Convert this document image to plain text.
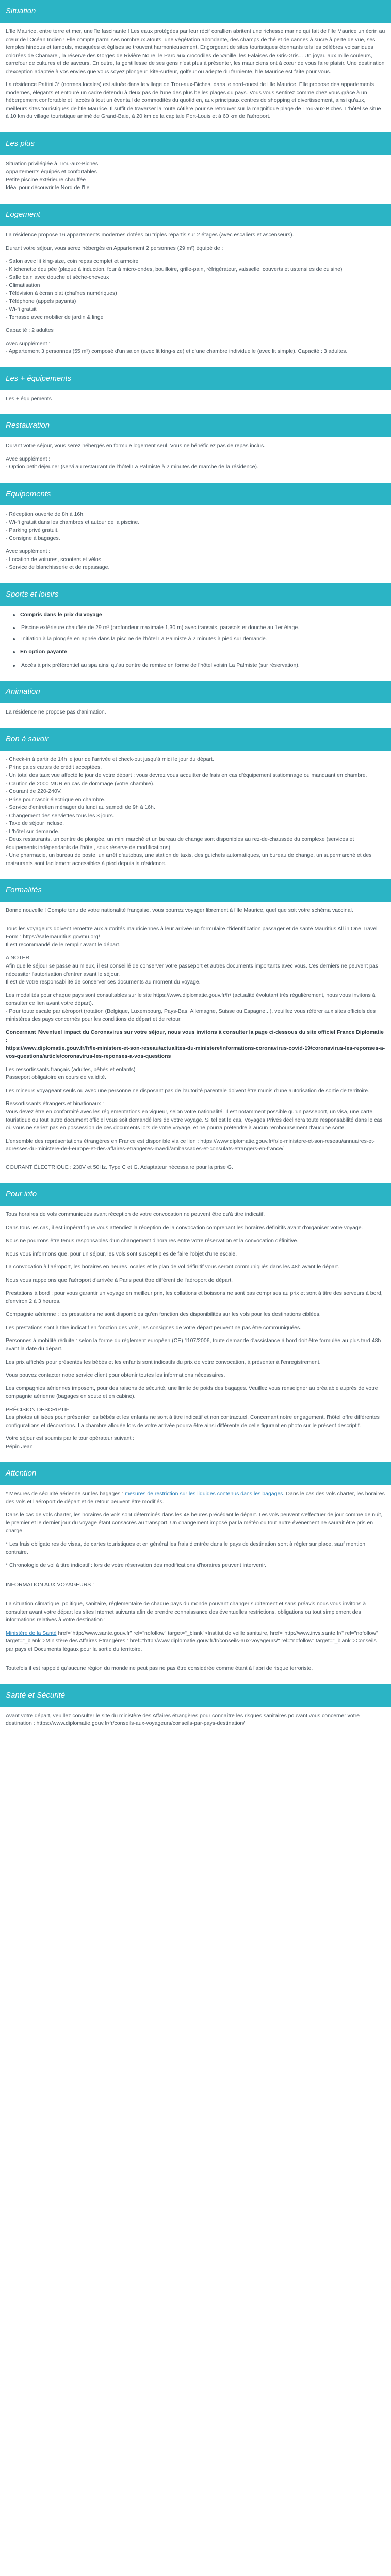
Situation

L'Ile Maurice, entre terre et mer, une île fascinante ! Les eaux protégées par leur récif corallien abritent une richesse marine qui fait de l'Ile Maurice un écrin au cœur de l'Océan Indien ! Elle compte parmi ses nombreux atouts, une végétation abondante, des champs de thé et de cannes à sucre à perte de vue, ses temples hindous et tamouls, mosquées et églises se trouvent harmonieusement. Engorgeant de sites touristiques étonnants tels les célèbres volcaniques colorées de Chamarel, la réserve des Gorges de Rivière Noire, le Parc aux crocodiles de Vanille, les Falaises de Gris-Gris... Un joyau aux mille couleurs, carrefour de cultures et de saveurs. En outre, la gentillesse de ses gens n'est plus à présenter, les mauriciens ont à cœur de vous faire plaisir. Une destination d'exception adaptée à vos envies que vous soyez plongeur, kite-surfeur, golfeur ou adepte du farniente, l'Ile Maurice est faite pour vous.

La résidence Pattini 3* (normes locales) est située dans le village de Trou-aux-Biches, dans le nord-ouest de l'Ile Maurice. Elle propose des appartements modernes, élégants et entouré un cadre détendu à deux pas de l'une des plus belles plages du pays. Vous vous sentirez comme chez vous grâce à un hébergement confortable et l'accès à tout un éventail de commodités du quotidien, aux principaux centres de shopping et divertissement, ainsi qu'aux, meilleurs sites touristiques de l'Ile Maurice. Il suffit de traverser la route côtière pour se retrouver sur la magnifique plage de Trou-aux-Biches. L'hôtel se situe à 10 km du village touristique animé de Grand-Baie, à 20 km de la capitale Port-Louis et à 60 km de l'aéroport.

Les plus
Situation privilégiée à Trou-aux-Biches
Appartements équipés et confortables
Petite piscine extérieure chauffée
Idéal pour découvrir le Nord de l'Ile
Logement

La résidence propose 16 appartements modernes dotées ou triples répartis sur 2 étages (avec escaliers et ascenseurs).

Durant votre séjour, vous serez hébergés en Appartement 2 personnes (29 m²) équipé de :

- Salon avec lit king-size, coin repas complet et armoire
- Kitchenette équipée (plaque à induction, four à micro-ondes, bouilloire, grille-pain, réfrigérateur, vaisselle, couverts et ustensiles de cuisine)
- Salle bain avec douche et sèche-cheveux
- Climatisation
- Télévision à écran plat (chaînes numériques)
- Téléphone (appels payants)
- Wi-fi gratuit
- Terrasse avec mobilier de jardin & linge

Capacité : 2 adultes

Avec supplément :
- Appartement 3 personnes (55 m²) composé d'un salon (avec lit king-size) et d'une chambre individuelle (avec lit simple). Capacité : 3 adultes.
Les + équipements
Les + équipements
Restauration

Durant votre séjour, vous serez hébergés en formule logement seul. Vous ne bénéficiez pas de repas inclus.

Avec supplément :
- Option petit déjeuner (servi au restaurant de l'hôtel La Palmiste à 2 minutes de marche de la résidence).
Equipements
- Réception ouverte de 8h à 16h.
- Wi-fi gratuit dans les chambres et autour de la piscine.
- Parking privé gratuit.
- Consigne à bagages.
Avec supplément :
- Location de voitures, scooters et vélos.
- Service de blanchisserie et de repassage.
Sports et loisirs
Compris dans le prix du voyage
Piscine extérieure chauffée de 29 m² (profondeur maximale 1,30 m) avec transats, parasols et douche au 1er étage.
Initiation à la plongée en apnée dans la piscine de l'hôtel La Palmiste à 2 minutes à pied sur demande.
En option payante
Accès à prix préférentiel au spa ainsi qu'au centre de remise en forme de l'hôtel voisin La Palmiste (sur réservation).
Animation

La résidence ne propose pas d'animation.

Bon à savoir
- Check-in à partir de 14h le jour de l'arrivée et check-out jusqu'à midi le jour du départ.
- Principales cartes de crédit acceptées.
- Un total des taux vue affecté le jour de votre départ : vous devrez vous acquitter de frais en cas d'équipement statiomnage ou manquant en chambre.
- Caution de 2000 MUR en cas de dommage (votre chambre).
- Courant de 220-240V.
- Prise pour rasoir électrique en chambre.
- Service d'entretien ménager du lundi au samedi de 9h à 16h.
- Changement des serviettes tous les 3 jours.
- Taxe de séjour incluse.
- L'hôtel sur demande.
- Deux restaurants, un centre de plongée, un mini marché et un bureau de change sont disponibles au rez-de-chaussée du complexe (services et équipements indépendants de l'hôtel, sous réserve de modifications).
- Une pharmacie, un bureau de poste, un arrêt d'autobus, une station de taxis, des guichets automatiques, un bureau de change, un supermarché et des restaurants sont facilement accessibles à pied depuis la résidence.
Formalités

Bonne nouvelle ! Compte tenu de votre nationalité française, vous pourrez voyager librement à l'Ile Maurice, quel que soit votre schéma vaccinal.

Tous les voyageurs doivent remettre aux autorités mauriciennes à leur arrivée un formulaire d'identification passager et de santé Mauritius All in One Travel Form : https://safemauritius.govmu.org/

Il est recommandé de le remplir avant le départ.

A NOTER
Afin que le séjour se passe au mieux, il est conseillé de conserver votre passeport et autres documents importants avec vous. Ces derniers ne peuvent pas nécessiter l'autorisation d'entrer avant le séjour.

Il est de votre responsabilité de conserver ces documents au moment du voyage.

Les modalités pour chaque pays sont consultables sur le site https://www.diplomatie.gouv.fr/fr/ (actualité évolutant très régulièrement, nous vous invitons à consulter ce lien avant votre départ).

- Pour toute escale par aéroport (rotation (Belgique, Luxembourg, Pays-Bas, Allemagne, Suisse ou Espagne...), veuillez vous référer aux sites officiels des ministères des pays concernés pour les conditions de départ et de retour.

Concernant l'éventuel impact du Coronavirus sur votre séjour, nous vous invitons à consulter la page ci-dessous du site officiel France Diplomatie :

https://www.diplomatie.gouv.fr/fr/le-ministere-et-son-reseau/actualites-du-ministere/informations-coronavirus-covid-19/coronavirus-les-reponses-a-vos-questions/article/coronavirus-les-reponses-a-vos-questions

Les ressortissants français (adultes, bébés et enfants)

Passeport obligatoire en cours de validité.

Les mineurs voyageant seuls ou avec une personne ne disposant pas de l'autorité parentale doivent être munis d'une autorisation de sortie de territoire.

Ressortissants étrangers et binationaux :

Vous devez être en conformité avec les réglementations en vigueur, selon votre nationalité. Il est notamment possible qu'un passeport, un visa, une carte touristique ou tout autre document officiel vous soit demandé lors de votre voyage. Si tel est le cas, Voyages Privés déclinera toute responsabilité dans le cas où vous ne seriez pas en possession de ces documents lors de votre voyage, et ne pourra prétendre à aucun remboursement d'aucune sorte.

L'ensemble des représentations étrangères en France est disponible via ce lien : https://www.diplomatie.gouv.fr/fr/le-ministere-et-son-reseau/annuaires-et-adresses-du-ministere-de-l-europe-et-des-affaires-etrangeres-maedi/ambassades-et-consulats-etrangers-en-france/

COURANT ÉLECTRIQUE : 230V et 50Hz. Type C et G. Adaptateur nécessaire pour la prise G.

Pour info

Tous horaires de vols communiqués avant réception de votre convocation ne peuvent être qu'à titre indicatif.

Dans tous les cas, il est impératif que vous attendiez la réception de la convocation comprenant les horaires définitifs avant d'organiser votre voyage.

Nous ne pourrons être tenus responsables d'un changement d'horaires entre votre réservation et la convocation définitive.

Nous vous informons que, pour un séjour, les vols sont susceptibles de faire l'objet d'une escale.

La convocation à l'aéroport, les horaires en heures locales et le plan de vol définitif vous seront communiqués dans les 48h avant le départ.

Nous vous rappelons que l'aéroport d'arrivée à Paris peut être différent de l'aéroport de départ.

Prestations à bord : pour vous garantir un voyage en meilleur prix, les collations et boissons ne sont pas comprises au prix et sont à titre des serveurs à bord, d'environ 2 à 3 heures.

Compagnie aérienne : les prestations ne sont disponibles qu'en fonction des disponibilités sur les vols pour les destinations ciblées.

Les prestations sont à titre indicatif en fonction des vols, les consignes de votre départ peuvent ne pas être communiquées.

Personnes à mobilité réduite : selon la forme du règlement européen (CE) 1107/2006, toute demande d'assistance à bord doit être formulée au plus tard 48h avant la date du départ.

Les prix affichés pour présentés les bébés et les enfants sont indicatifs du prix de votre convocation, à présenter à l'enregistrement.

Vous pouvez contacter notre service client pour obtenir toutes les informations nécessaires.

Les compagnies aériennes imposent, pour des raisons de sécurité, une limite de poids des bagages. Veuillez vous renseigner au préalable auprès de votre compagnie aérienne (bagages en soute et en cabine).

PRÉCISION DESCRIPTIF

Les photos utilisées pour présenter les bébés et les enfants ne sont à titre indicatif et non contractuel. Concernant notre engagement, l'hôtel offre différentes configurations et décorations. La chambre allouée lors de votre arrivée pourra être ainsi différente de celle figurant en photo sur le présent descriptif.

Votre séjour est soumis par le tour opérateur suivant :
Pépin Jean
Attention

* Mesures de sécurité aérienne sur les bagages : mesures de restriction sur les liquides contenus dans les bagages. Dans le cas des vols charter, les horaires des vols et l'aéroport de départ et de retour peuvent être modifiés.

Dans le cas de vols charter, les horaires de vols sont déterminés dans les 48 heures précédant le départ. Les vols peuvent s'effectuer de jour comme de nuit, le premier et le dernier jour du voyage étant consacrés au transport. Un changement imposé par la météo ou tout autre événement ne saurait être pris en charge.

* Les frais obligatoires de visas, de cartes touristiques et en général les frais d'entrée dans le pays de destination sont à régler sur place, sauf mention contraire.

* Chronologie de vol à titre indicatif : lors de votre réservation des modifications d'horaires peuvent intervenir.

INFORMATION AUX VOYAGEURS :

La situation climatique, politique, sanitaire, réglementaire de chaque pays du monde pouvant changer subitement et sans préavis nous vous invitons à consulter avant votre départ les sites Internet suivants afin de prendre connaissance des éventuelles restrictions, obligations ou tout simplement des informations relatives à votre destination :

Ministère de la Santé href="http://www.sante.gouv.fr" rel="nofollow" target="_blank">Institut de veille sanitaire, href="http://www.invs.sante.fr/" rel="nofollow" target="_blank">Ministère des Affaires Étrangères : href="http://www.diplomatie.gouv.fr/fr/conseils-aux-voyageurs/" rel="nofollow" target="_blank">Conseils par pays et Documents légaux pour la sortie du territoire.

Toutefois il est rappelé qu'aucune région du monde ne peut pas ne pas être considérée comme étant à l'abri de risque terroriste.

Santé et Sécurité

Avant votre départ, veuillez consulter le site du ministère des Affaires étrangères pour connaître les risques sanitaires pouvant vous concerner votre destination : https://www.diplomatie.gouv.fr/fr/conseils-aux-voyageurs/conseils-par-pays-destination/
